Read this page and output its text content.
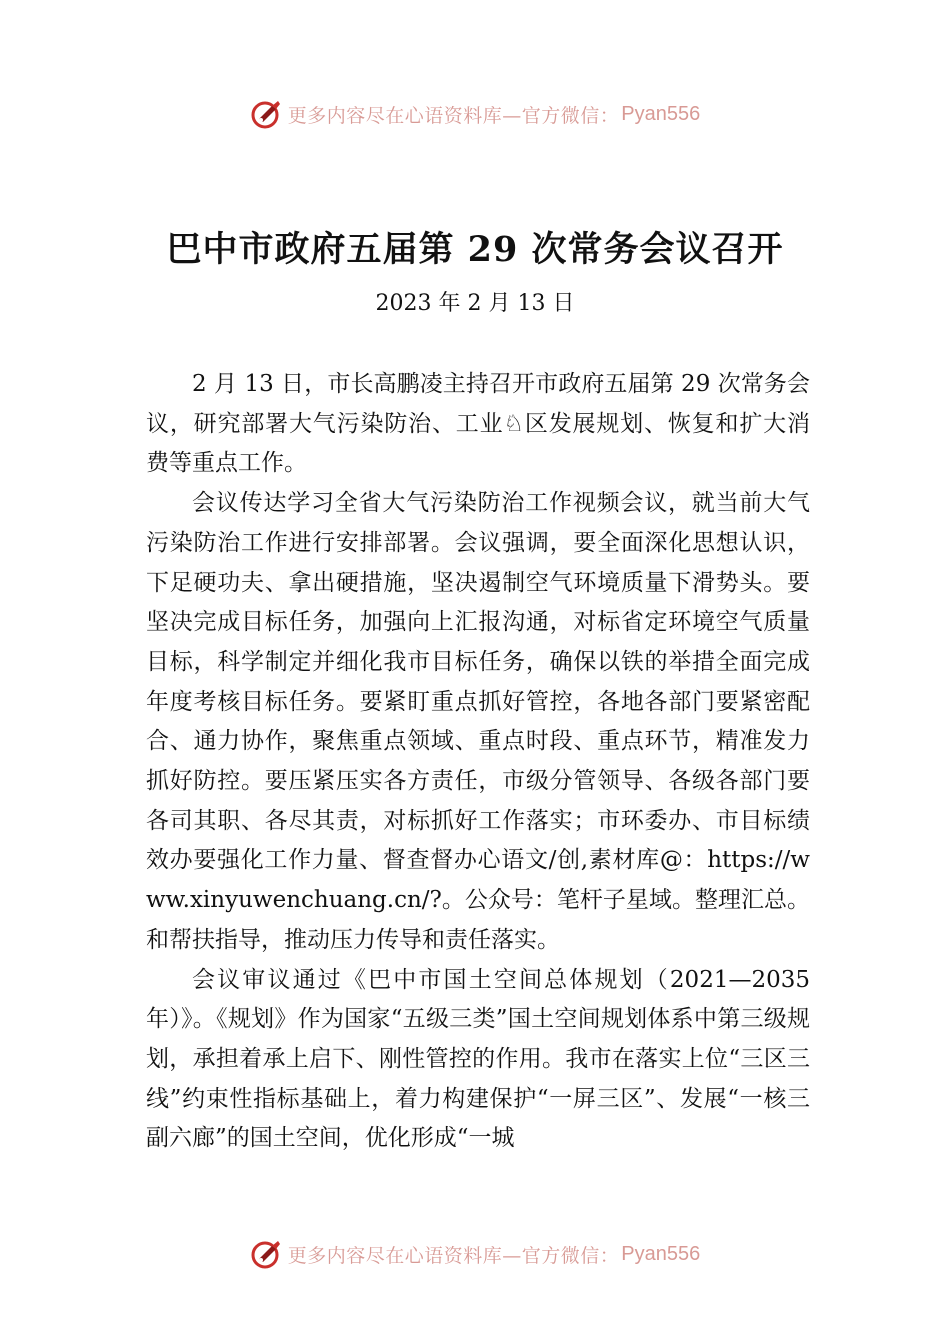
更多内容尽在心语资料库—官方微信： Pyan556
巴中市政府五届第 29 次常务会议召开
2023 年 2 月 13 日

2 月 13 日，市长高鹏凌主持召开市政府五届第 29 次常务会议，研究部署大气污染防治、工业♘区发展规划、恢复和扩大消费等重点工作。

会议传达学习全省大气污染防治工作视频会议，就当前大气污染防治工作进行安排部署。会议强调，要全面深化思想认识，下足硬功夫、拿出硬措施，坚决遏制空气环境质量下滑势头。要坚决完成目标任务，加强向上汇报沟通，对标省定环境空气质量目标，科学制定并细化我市目标任务，确保以铁的举措全面完成年度考核目标任务。要紧盯重点抓好管控，各地各部门要紧密配合、通力协作，聚焦重点领域、重点时段、重点环节，精准发力抓好防控。要压紧压实各方责任，市级分管领导、各级各部门要各司其职、各尽其责，对标抓好工作落实；市环委办、市目标绩效办要强化工作力量、督查督办心语文/创,素材库@：https://www.xinyuwenchuang.cn/?。公众号：笔杆子星域。整理汇总。和帮扶指导，推动压力传导和责任落实。

会议审议通过《巴中市国土空间总体规划（2021—2035 年）》。《规划》作为国家“五级三类”国土空间规划体系中第三级规划，承担着承上启下、刚性管控的作用。我市在落实上位“三区三线”约束性指标基础上，着力构建保护“一屏三区”、发展“一核三副六廊”的国土空间，优化形成“一城

更多内容尽在心语资料库—官方微信： Pyan556
